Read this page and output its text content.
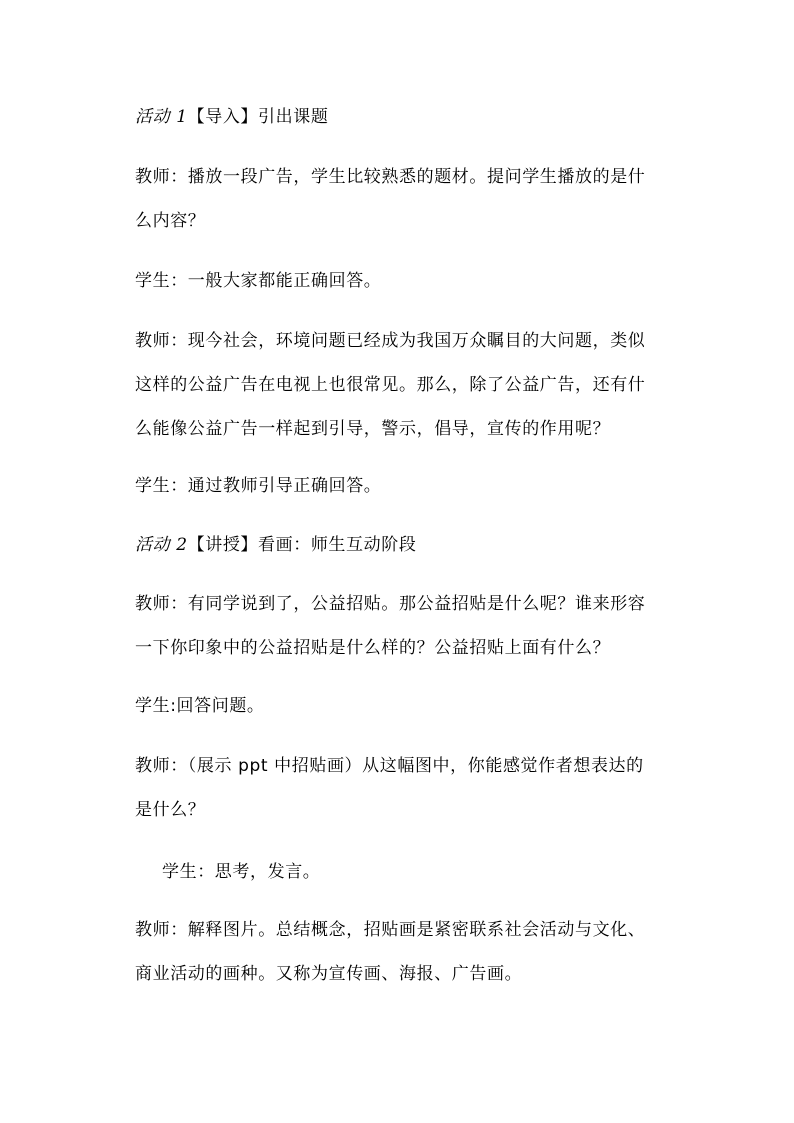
活动 1【导入】引出课题
教师：播放一段广告，学生比较熟悉的题材。提问学生播放的是什
么内容？
学生：一般大家都能正确回答。
教师：现今社会，环境问题已经成为我国万众瞩目的大问题，类似
这样的公益广告在电视上也很常见。那么，除了公益广告，还有什
么能像公益广告一样起到引导，警示，倡导，宣传的作用呢？
学生：通过教师引导正确回答。
活动 2【讲授】看画：师生互动阶段
教师：有同学说到了，公益招贴。那公益招贴是什么呢？谁来形容
一下你印象中的公益招贴是什么样的？公益招贴上面有什么？
学生:回答问题。
教师：（展示 ppt 中招贴画）从这幅图中，你能感觉作者想表达的
是什么？
学生：思考，发言。
教师：解释图片。总结概念，招贴画是紧密联系社会活动与文化、
商业活动的画种。又称为宣传画、海报、广告画。
